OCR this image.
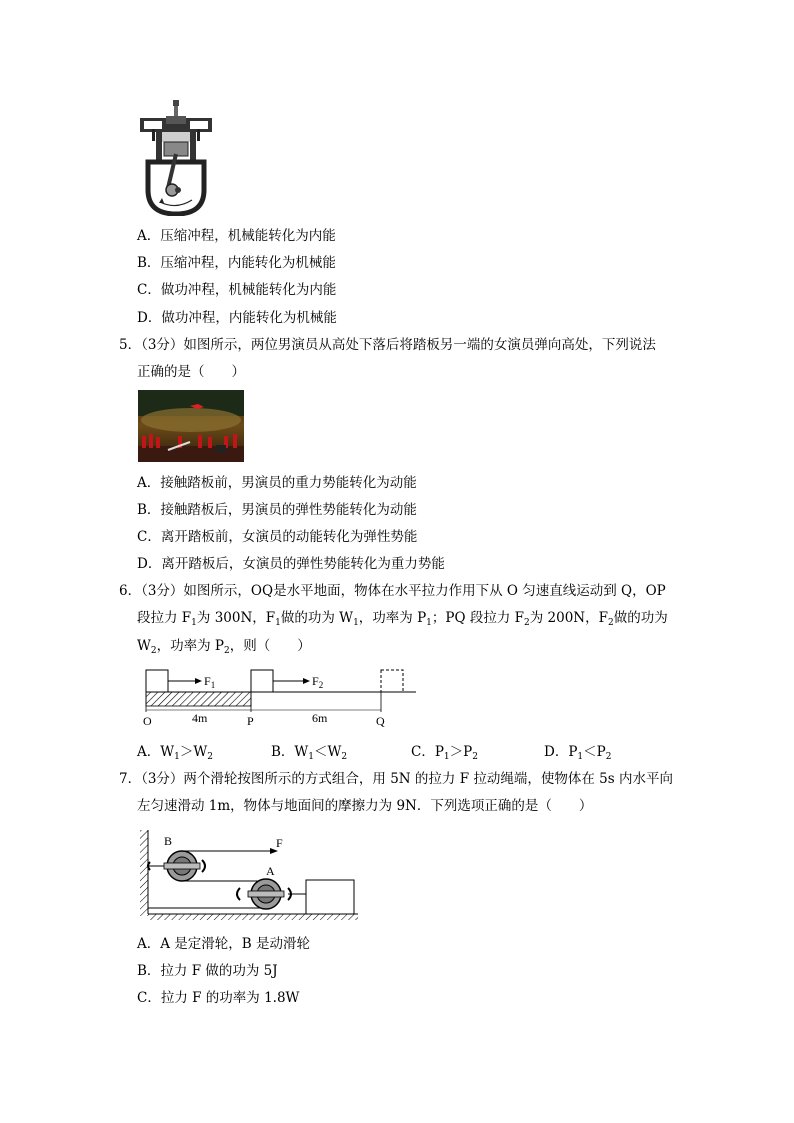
A．压缩冲程，机械能转化为内能
B．压缩冲程，内能转化为机械能
C．做功冲程，机械能转化为内能
D．做功冲程，内能转化为机械能
5．（3分）如图所示，两位男演员从高处下落后将踏板另一端的女演员弹向高处，下列说法
正确的是（　　）
A．接触踏板前，男演员的重力势能转化为动能
B．接触踏板后，男演员的弹性势能转化为动能
C．离开踏板前，女演员的动能转化为弹性势能
D．离开踏板后，女演员的弹性势能转化为重力势能
6．（3分）如图所示，OQ是水平地面，物体在水平拉力作用下从 O 匀速直线运动到 Q，OP
段拉力 $F_1$为 300N，$F_1$做的功为 $W_1$，功率为 $P_1$；PQ 段拉力 $F_2$为 200N，$F_2$做的功为
$W_2$，功率为 $P_2$，则（　　）
$F_1$	$F_2$
O	P	Q
4m	6m
A．$W_1>W_2$	B．$W_1<W_2$	C．$P_1>P_2$	D．$P_1<P_2$
7．（3分）两个滑轮按图所示的方式组合，用 5N 的拉力 F 拉动绳端，使物体在 5s 内水平向
左匀速滑动 1m，物体与地面间的摩擦力为 9N．下列选项正确的是（　　）
B	F
A
A．A 是定滑轮，B 是动滑轮
B．拉力 F 做的功为 5J
C．拉力 F 的功率为 1.8W
